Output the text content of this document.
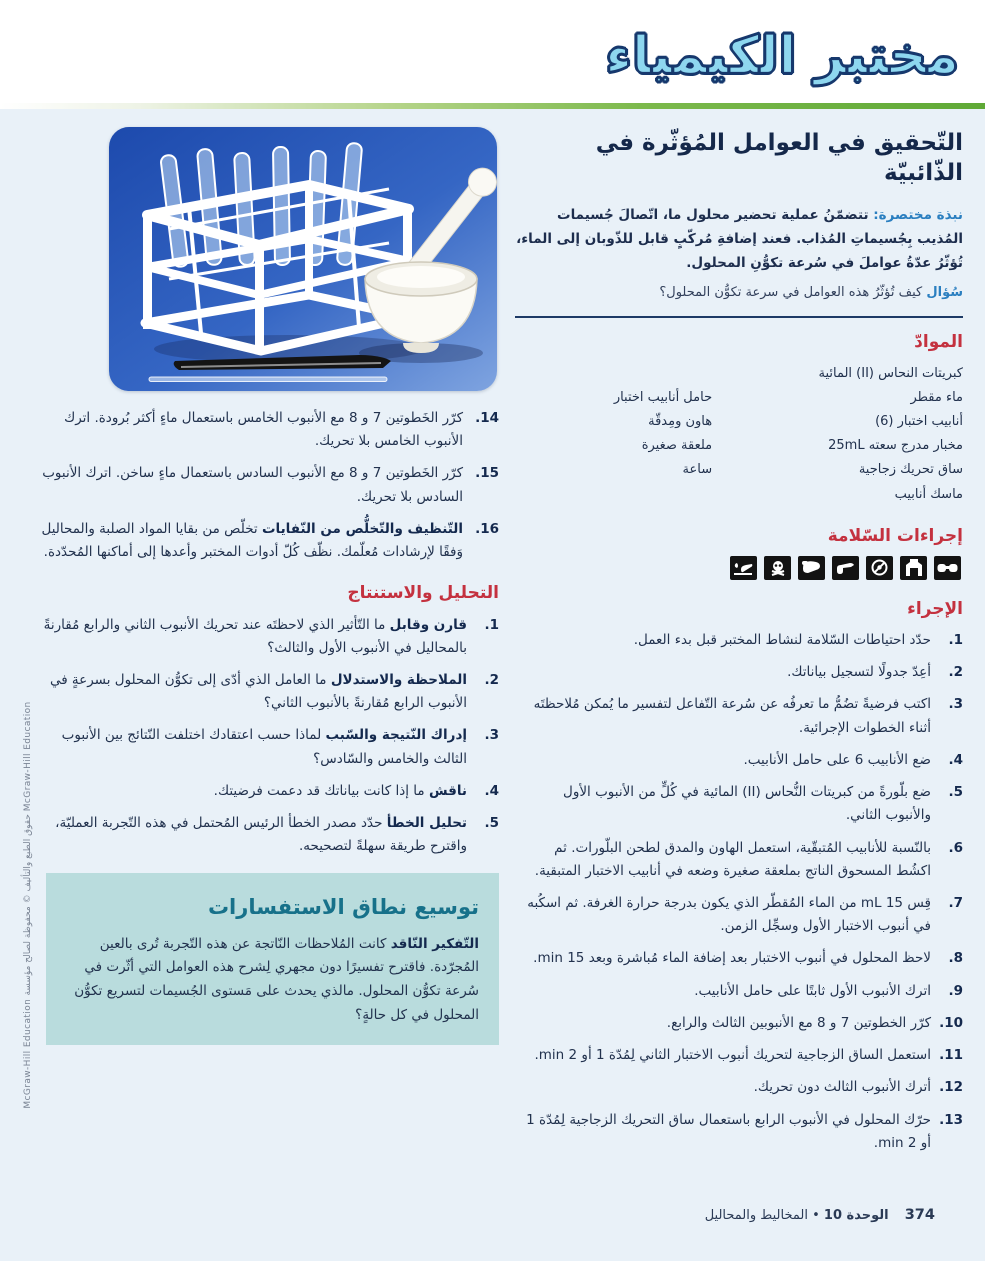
مختبر الكيمياء
التّحقيق في العوامل المُؤثّرة في الذّائبيّة

نبذة مختصرة: تتضمّنُ عملية تحضير محلول ما، اتّصالَ جُسيمات المُذيب بِجُسيماتِ المُذاب. فعند إضافةِ مُركّبٍ قابل للذّوبان إلى الماء، تُؤثّرُ عدّةُ عواملَ في سُرعة تكوُّنِ المحلول.

سُؤال كيف تُؤثّرُ هذه العوامل في سرعة تكوُّن المحلول؟

الموادّ
كبريتات النحاس (II) المائية
ماء مقطر
أنابيب اختبار (6)
مخبار مدرج سعته 25mL
ساق تحريك زجاجية
ماسك أنابيب
حامل أنابيب اختبار
هاون ومِدقّة
ملعقة صغيرة
ساعة
إجراءات السّلامة
الإجراء
1.
حدّد احتياطات السّلامة لنشاط المختبر قبل بدء العمل.
2.
أعِدّ جدولًا لتسجيل بياناتك.
3.
اكتب فرضيةً تضُمُّ ما تعرفُه عن سُرعة التّفاعل لتفسير ما يُمكن مُلاحظتَه أثناء الخطوات الإجرائية.
4.
ضع الأنابيب 6 على حامل الأنابيب.
5.
ضع بلّورةً من كبريتات النُّحاس (II) المائية في كُلٍّ من الأنبوب الأول والأنبوب الثاني.
6.
بالنّسبة للأنابيب المُتبقّية، استعمل الهاون والمدق لطحن البلّورات. ثم اكشُط المسحوق الناتج بملعقة صغيرة وضعه في أنابيب الاختبار المتبقية.
7.
قِس 15 mL من الماء المُقطّر الذي يكون بدرجة حرارة الغرفة. ثم اسكُبه في أنبوب الاختبار الأول وسجِّل الزمن.
8.
لاحظ المحلول في أنبوب الاختبار بعد إضافة الماء مُباشرة وبعد 15 min.
9.
اترك الأنبوب الأول ثابتًا على حامل الأنابيب.
10.
كرّر الخطوتين 7 و 8 مع الأنبوبين الثالث والرابع.
11.
استعمل الساق الزجاجية لتحريك أنبوب الاختبار الثاني لِمُدّة 1 أو 2 min.
12.
أترك الأنبوب الثالث دون تحريك.
13.
حرّك المحلول في الأنبوب الرابع باستعمال ساق التحريك الزجاجية لِمُدّة 1 أو 2 min.
14.
كرّر الخَطوتين 7 و 8 مع الأنبوب الخامس باستعمال ماءٍ أكثر بُرودة. اترك الأنبوب الخامس بلا تحريك.
15.
كرّر الخَطوتين 7 و 8 مع الأنبوب السادس باستعمال ماءٍ ساخن. اترك الأنبوب السادس بلا تحريك.
16.
التّنظيف والتّخلُّص من النّفايات تخلّص من بقايا المواد الصلبة والمحاليل وَفقًا لإرشادات مُعلّمك. نظّف كُلّ أدوات المختبر وأعدها إلى أماكنها المُحدّدة.
التحليل والاستنتاج
1.
قارن وقابل ما التّأثير الذي لاحظتَه عند تحريك الأنبوب الثاني والرابع مُقارنةً بالمحاليل في الأنبوب الأول والثالث؟
2.
الملاحظة والاستدلال ما العامل الذي أدّى إلى تكوُّن المحلول بسرعةٍ في الأنبوب الرابع مُقارنةً بالأنبوب الثاني؟
3.
إدراك النّتيجة والسّبب لماذا حسب اعتقادك اختلفت النّتائج بين الأنبوب الثالث والخامس والسّادس؟
4.
ناقش ما إذا كانت بياناتك قد دعمت فرضيتك.
5.
تحليل الخطأ حدّد مصدر الخطأ الرئيس المُحتمل في هذه التّجربة العمليّة، واقترح طريقة سهلةً لتصحيحه.
توسيع نطاق الاستفسارات

التّفكير النّاقد كانت المُلاحظات النّاتجة عن هذه التّجربة تُرى بالعين المُجرّدة. فاقترح تفسيرًا دون مجهري لِشرح هذه العوامل التي أثّرت في سُرعة تكوُّن المحلول. مالذي يحدث على مَستوى الجُسيمات لتسريع تكوُّن المحلول في كل حالةٍ؟

McGraw-Hill Education حقوق الطبع والتأليف © محفوظة لصالح مؤسسة McGraw-Hill Education
374 الوحدة 10 • المخاليط والمحاليل
